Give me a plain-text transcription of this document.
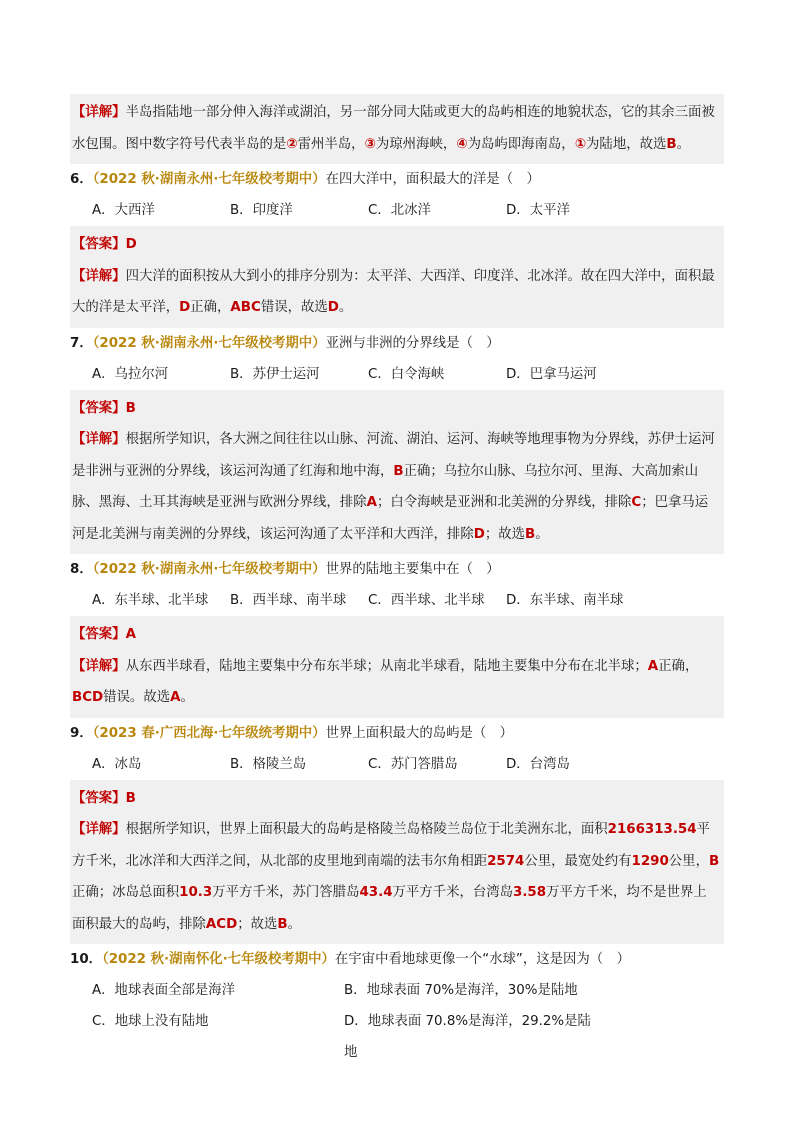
【详解】半岛指陆地一部分伸入海洋或湖泊，另一部分同大陆或更大的岛屿相连的地貌状态，它的其余三面被水包围。图中数字符号代表半岛的是②雷州半岛，③为琼州海峡，④为岛屿即海南岛，①为陆地，故选B。

6．（2022 秋·湖南永州·七年级校考期中）在四大洋中，面积最大的洋是（　）

A．大西洋	B．印度洋	C．北冰洋	D．太平洋

【答案】D

【详解】四大洋的面积按从大到小的排序分别为：太平洋、大西洋、印度洋、北冰洋。故在四大洋中，面积最大的洋是太平洋，D正确，ABC错误，故选D。

7．（2022 秋·湖南永州·七年级校考期中）亚洲与非洲的分界线是（　）

A．乌拉尔河	B．苏伊士运河	C．白令海峡	D．巴拿马运河

【答案】B

【详解】根据所学知识，各大洲之间往往以山脉、河流、湖泊、运河、海峡等地理事物为分界线，苏伊士运河是非洲与亚洲的分界线，该运河沟通了红海和地中海，B正确；乌拉尔山脉、乌拉尔河、里海、大高加索山脉、黑海、土耳其海峡是亚洲与欧洲分界线，排除A；白令海峡是亚洲和北美洲的分界线，排除C；巴拿马运河是北美洲与南美洲的分界线，该运河沟通了太平洋和大西洋，排除D；故选B。

8．（2022 秋·湖南永州·七年级校考期中）世界的陆地主要集中在（　）

A．东半球、北半球	B．西半球、南半球	C．西半球、北半球	D．东半球、南半球

【答案】A

【详解】从东西半球看，陆地主要集中分布东半球；从南北半球看，陆地主要集中分布在北半球；A正确，BCD错误。故选A。

9．（2023 春·广西北海·七年级统考期中）世界上面积最大的岛屿是（　）

A．冰岛	B．格陵兰岛	C．苏门答腊岛	D．台湾岛

【答案】B

【详解】根据所学知识，世界上面积最大的岛屿是格陵兰岛格陵兰岛位于北美洲东北，面积2166313.54平方千米，北冰洋和大西洋之间，从北部的皮里地到南端的法韦尔角相距2574公里，最宽处约有1290公里，B正确；冰岛总面积10.3万平方千米，苏门答腊岛43.4万平方千米，台湾岛3.58万平方千米，均不是世界上面积最大的岛屿，排除ACD；故选B。

10．（2022 秋·湖南怀化·七年级校考期中）在宇宙中看地球更像一个“水球”，这是因为（　）

A．地球表面全部是海洋	B．地球表面 70%是海洋，30%是陆地
C．地球上没有陆地	D．地球表面 70.8%是海洋，29.2%是陆地
